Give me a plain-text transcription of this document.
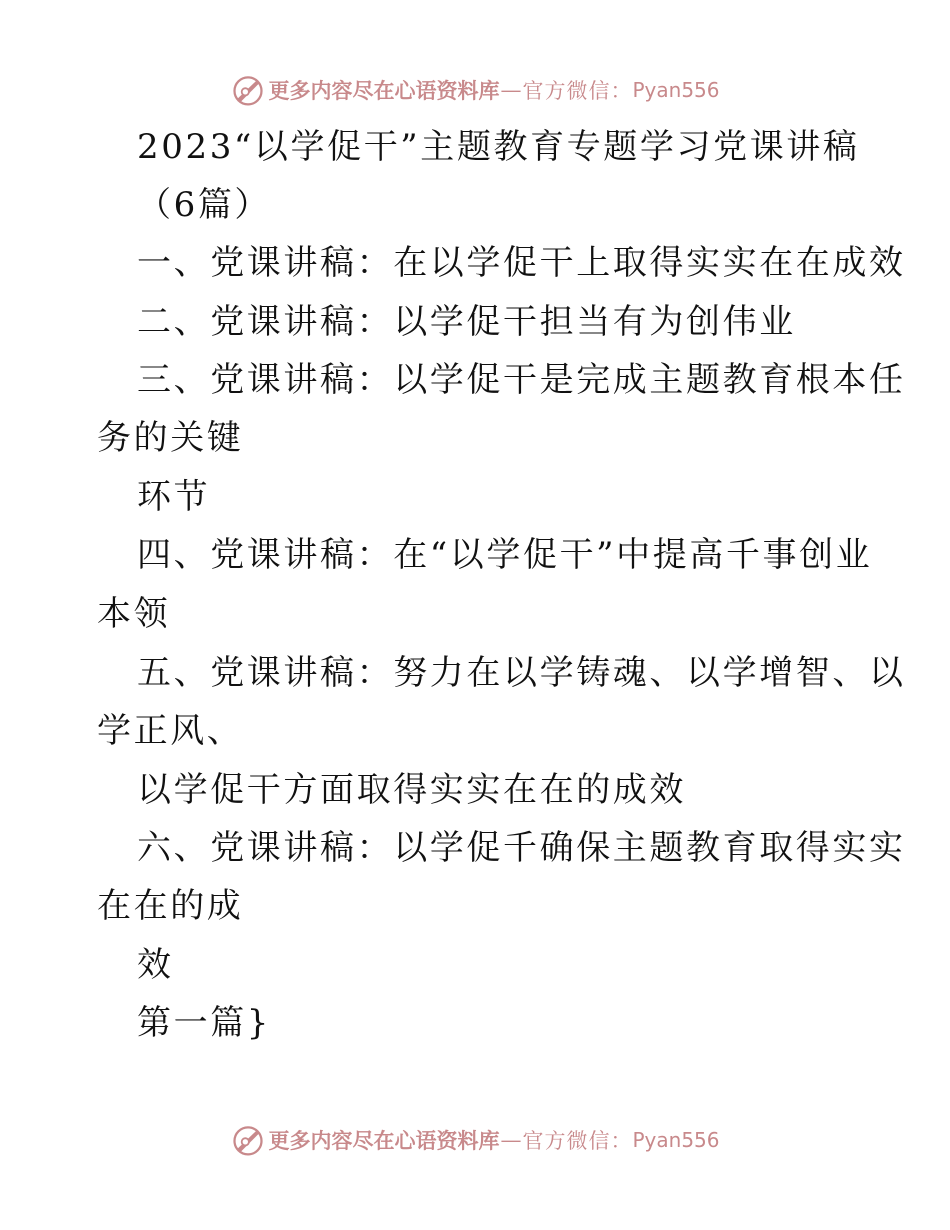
更多内容尽在心语资料库 — 官方微信： Pyan556
2023“以学促干”主题教育专题学习党课讲稿
（6篇）
一、党课讲稿：在以学促干上取得实实在在成效
二、党课讲稿：以学促干担当有为创伟业
三、党课讲稿：以学促干是完成主题教育根本任
务的关键
环节
四、党课讲稿：在“以学促干”中提高千事创业
本领
五、党课讲稿：努力在以学铸魂、以学增智、以
学正风、
以学促干方面取得实实在在的成效
六、党课讲稿：以学促千确保主题教育取得实实
在在的成
效
第一篇}
更多内容尽在心语资料库 — 官方微信： Pyan556
